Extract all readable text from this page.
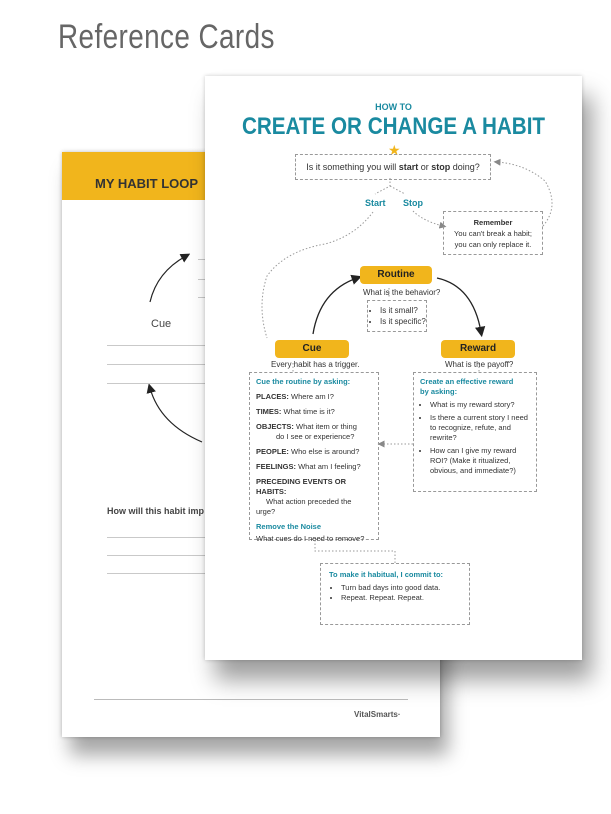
Reference Cards
MY HABIT LOOP
Cue
How will this habit imp
VitalSmarts·
HOW TO
CREATE OR CHANGE A HABIT
★
Is it something you will start or stop doing?
Start Stop
Remember
You can't break a habit;
you can only replace it.
Routine
What is the behavior?
• Is it small?
• Is it specific?
Cue
Every habit has a trigger.
Reward
What is the payoff?

Cue the routine by asking:

PLACES: Where am I?

TIMES: What time is it?

OBJECTS: What item or thing
do I see or experience?

PEOPLE: Who else is around?

FEELINGS: What am I feeling?

PRECEDING EVENTS OR HABITS:
What action preceded the urge?

Remove the Noise

What cues do I need to remove?

Create an effective reward
by asking:
• What is my reward story?
• Is there a current story I need to recognize, refute, and rewrite?
• How can I give my reward ROI? (Make it ritualized, obvious, and immediate?)
To make it habitual, I commit to:
• Turn bad days into good data.
• Repeat. Repeat. Repeat.
